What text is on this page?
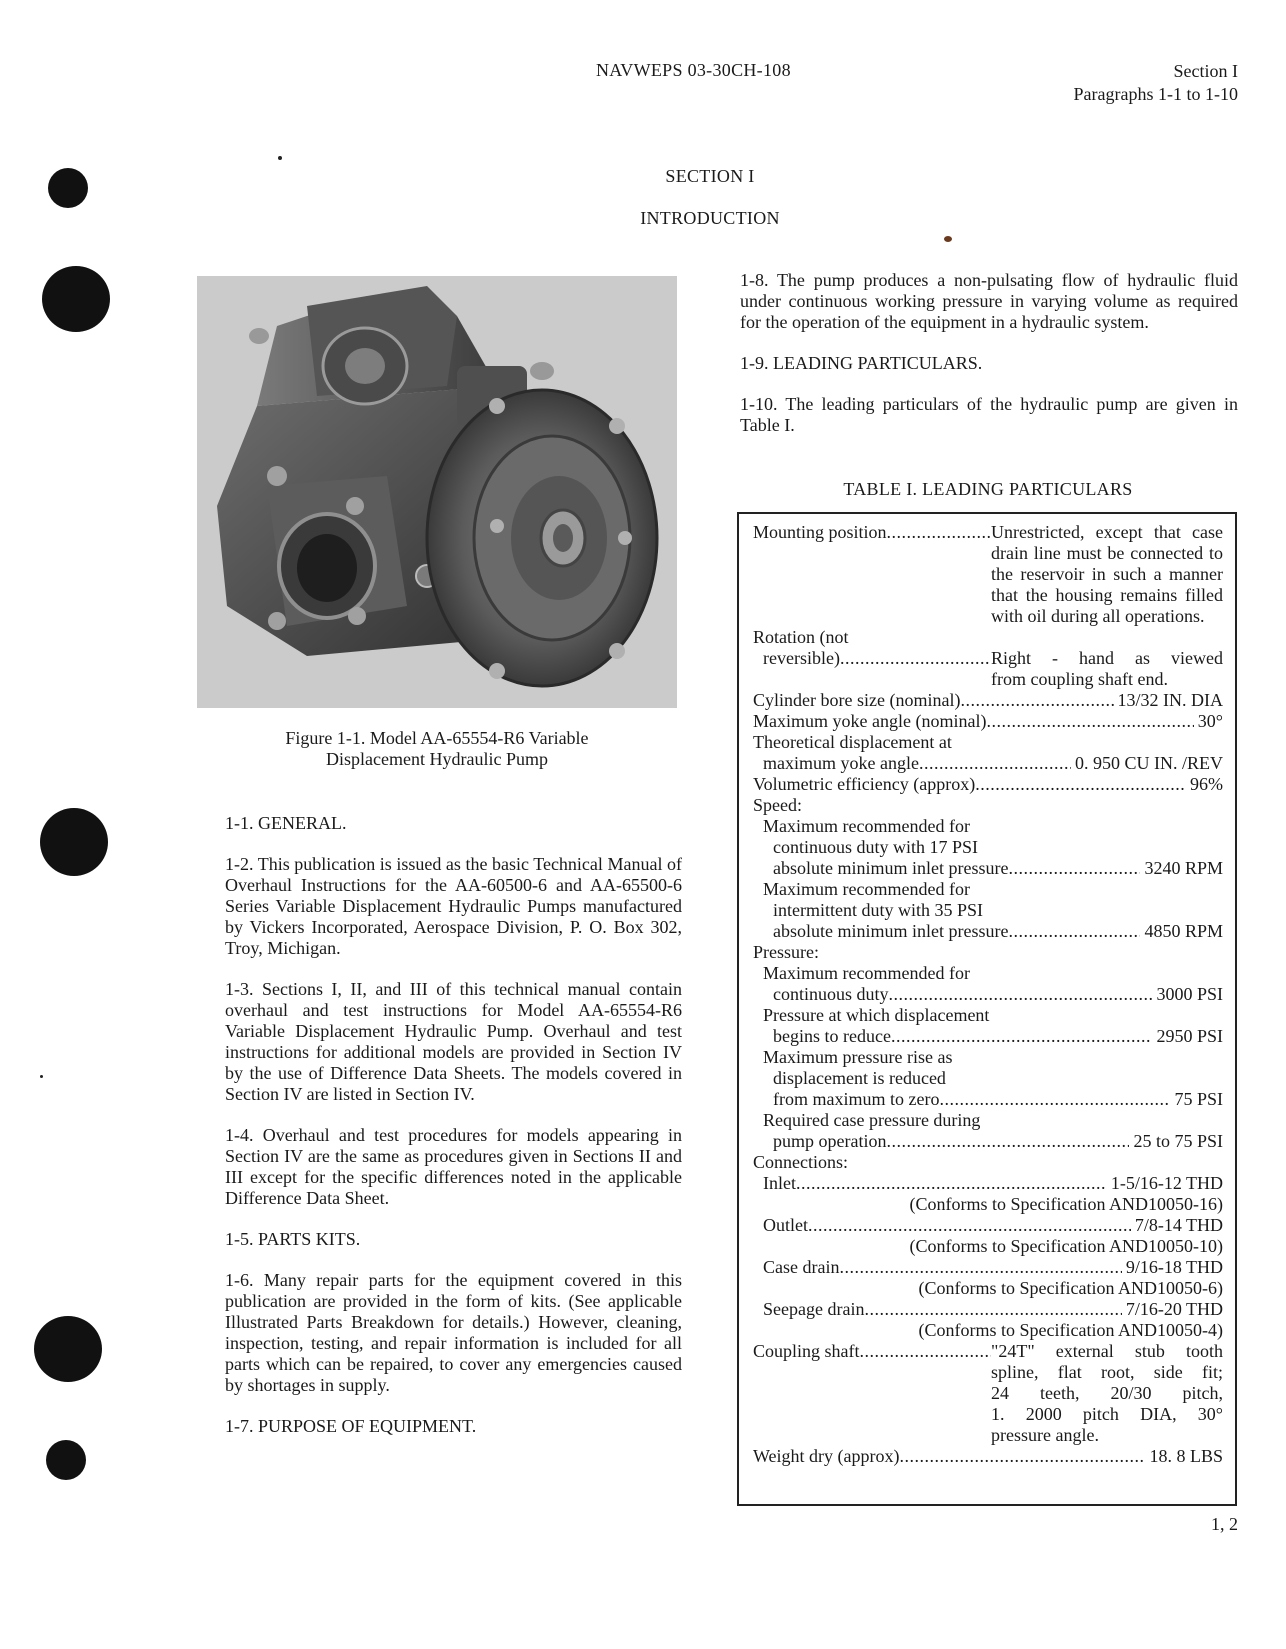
NAVWEPS 03-30CH-108	Section I
Paragraphs 1-1 to 1-10
SECTION I
INTRODUCTION
Figure 1-1. Model AA-65554-R6 Variable
Displacement Hydraulic Pump

1-1. GENERAL.

1-2. This publication is issued as the basic Technical Manual of Overhaul Instructions for the AA-60500-6 and AA-65500-6 Series Variable Displacement Hydraulic Pumps manufactured by Vickers Incorporated, Aerospace Division, P. O. Box 302, Troy, Michigan.

1-3. Sections I, II, and III of this technical manual contain overhaul and test instructions for Model AA-65554-R6 Variable Displacement Hydraulic Pump. Overhaul and test instructions for additional models are provided in Section IV by the use of Difference Data Sheets. The models covered in Section IV are listed in Section IV.

1-4. Overhaul and test procedures for models appearing in Section IV are the same as procedures given in Sections II and III except for the specific differences noted in the applicable Difference Data Sheet.

1-5. PARTS KITS.

1-6. Many repair parts for the equipment covered in this publication are provided in the form of kits. (See applicable Illustrated Parts Breakdown for details.) However, cleaning, inspection, testing, and repair information is included for all parts which can be repaired, to cover any emergencies caused by shortages in supply.

1-7. PURPOSE OF EQUIPMENT.

1-8. The pump produces a non-pulsating flow of hydraulic fluid under continuous working pressure in varying volume as required for the operation of the equipment in a hydraulic system.

1-9. LEADING PARTICULARS.

1-10. The leading particulars of the hydraulic pump are given in Table I.

TABLE I. LEADING PARTICULARS
Mounting position . . .	Unrestricted, except that case drain line must be connected to the reservoir in such a manner that the housing remains filled with oil during all operations.
Rotation (not
reversible) . . .	Right - hand as viewed
from coupling shaft end.
Cylinder bore size (nominal) . . .	13/32 IN. DIA
Maximum yoke angle (nominal) . . .	30°
Theoretical displacement at
maximum yoke angle . . .	0. 950 CU IN. /REV
Volumetric efficiency (approx) . . .	96%
Speed:
Maximum recommended for
continuous duty with 17 PSI
absolute minimum inlet pressure . . .	3240 RPM
Maximum recommended for
intermittent duty with 35 PSI
absolute minimum inlet pressure . . .	4850 RPM
Pressure:
Maximum recommended for
continuous duty . . .	3000 PSI
Pressure at which displacement
begins to reduce . . .	2950 PSI
Maximum pressure rise as
displacement is reduced
from maximum to zero . . .	75 PSI
Required case pressure during
pump operation . . .	25 to 75 PSI
Connections:
Inlet . . .	1-5/16-12 THD
(Conforms to Specification AND10050-16)
Outlet . . .	7/8-14 THD
(Conforms to Specification AND10050-10)
Case drain . . .	9/16-18 THD
(Conforms to Specification AND10050-6)
Seepage drain . . .	7/16-20 THD
(Conforms to Specification AND10050-4)
Coupling shaft . . .	"24T" external stub tooth
spline, flat root, side fit;
24 teeth, 20/30 pitch,
1. 2000 pitch DIA, 30°
pressure angle.
Weight dry (approx) . . .	18. 8 LBS
1, 2
